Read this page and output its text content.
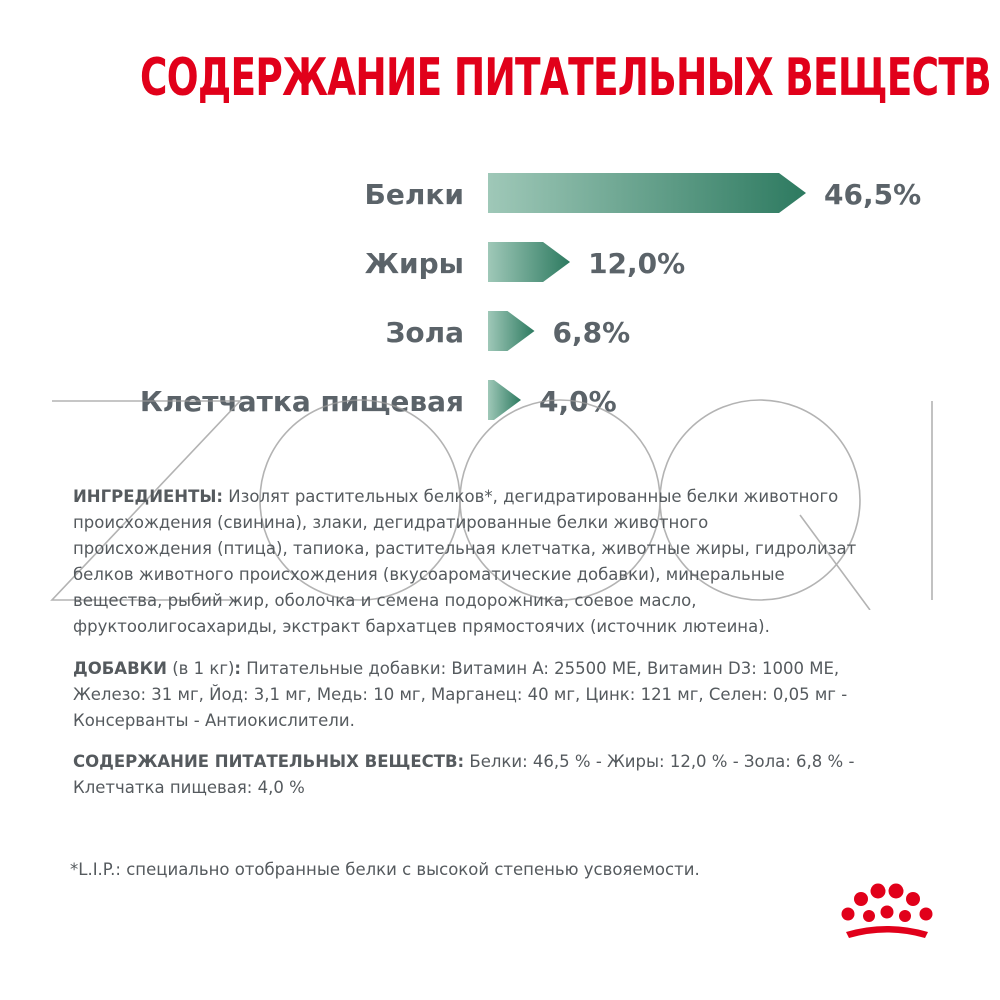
СОДЕРЖАНИЕ ПИТАТЕЛЬНЫХ ВЕЩЕСТВ
Белки	46,5%
Жиры	12,0%
Зола	6,8%
Клетчатка пищевая	4,0%
ИНГРЕДИЕНТЫ: Изолят растительных белков*, дегидратированные белки животного
происхождения (свинина), злаки, дегидратированные белки животного
происхождения (птица), тапиока, растительная клетчатка, животные жиры, гидролизат
белков животного происхождения (вкусоароматические добавки), минеральные
вещества, рыбий жир, оболочка и семена подорожника, соевое масло,
фруктоолигосахариды, экстракт бархатцев прямостоячих (источник лютеина).
ДОБАВКИ (в 1 кг): Питательные добавки: Витамин A: 25500 МЕ, Витамин D3: 1000 МЕ,
Железо: 31 мг, Йод: 3,1 мг, Медь: 10 мг, Марганец: 40 мг, Цинк: 121 мг, Селен: 0,05 мг -
Консерванты - Антиокислители.
СОДЕРЖАНИЕ ПИТАТЕЛЬНЫХ ВЕЩЕСТВ: Белки: 46,5 % - Жиры: 12,0 % - Зола: 6,8 % -
Клетчатка пищевая: 4,0 %
*L.I.P.: специально отобранные белки с высокой степенью усвояемости.
